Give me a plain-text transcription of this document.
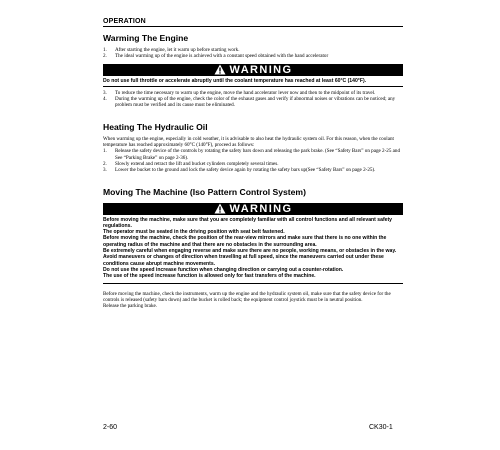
OPERATION
Warming The Engine
1. After starting the engine, let it warm up before starting work.
2. The ideal warming up of the engine is achieved with a constant speed obtained with the hand accelerator
WARNING

Do not use full throttle or accelerate abruptly until the coolant temperature has reached at least 60°C (140°F).

3. To reduce the time necessary to warm up the engine, move the hand accelerator lever now and then to the midpoint of its travel.
4. During the warming up of the engine, check the color of the exhaust gases and verify if abnormal noises or vibrations can be noticed; any problem must be verified and its cause must be eliminated.
Heating The Hydraulic Oil

When warming up the engine, especially in cold weather, it is advisable to also heat the hydraulic system oil. For this reason, when the coolant temperature has reached approximately 60°C (140°F), proceed as follows:

1. Release the safety device of the controls by rotating the safety bars down and releasing the park brake. (See “Safety Bars” on page 2-25 and See “Parking Brake” on page 2-36).
2. Slowly extend and retract the lift and bucket cylinders completely several times.
3. Lower the bucket to the ground and lock the safety device again by rotating the safety bars up(See “Safety Bars” on page 2-25).
Moving The Machine (Iso Pattern Control System)
WARNING

Before moving the machine, make sure that you are completely familiar with all control functions and all relevant safety regulations.

The operator must be seated in the driving position with seat belt fastened.

Before moving the machine, check the position of the rear-view mirrors and make sure that there is no one within the operating radius of the machine and that there are no obstacles in the surrounding area.

Be extremely careful when engaging reverse and make sure there are no people, working means, or obstacles in the way.

Avoid maneuvers or changes of direction when travelling at full speed, since the maneuvers carried out under these conditions cause abrupt machine movements.

Do not use the speed increase function when changing direction or carrying out a counter-rotation.

The use of the speed increase function is allowed only for fast transfers of the machine.

Before moving the machine, check the instruments, warm up the engine and the hydraulic system oil, make sure that the safety device for the controls is released (safety bars down) and the bucket is rolled back; the equipment control joystick must be in neutral position.

Release the parking brake.

2-60	CK30-1
